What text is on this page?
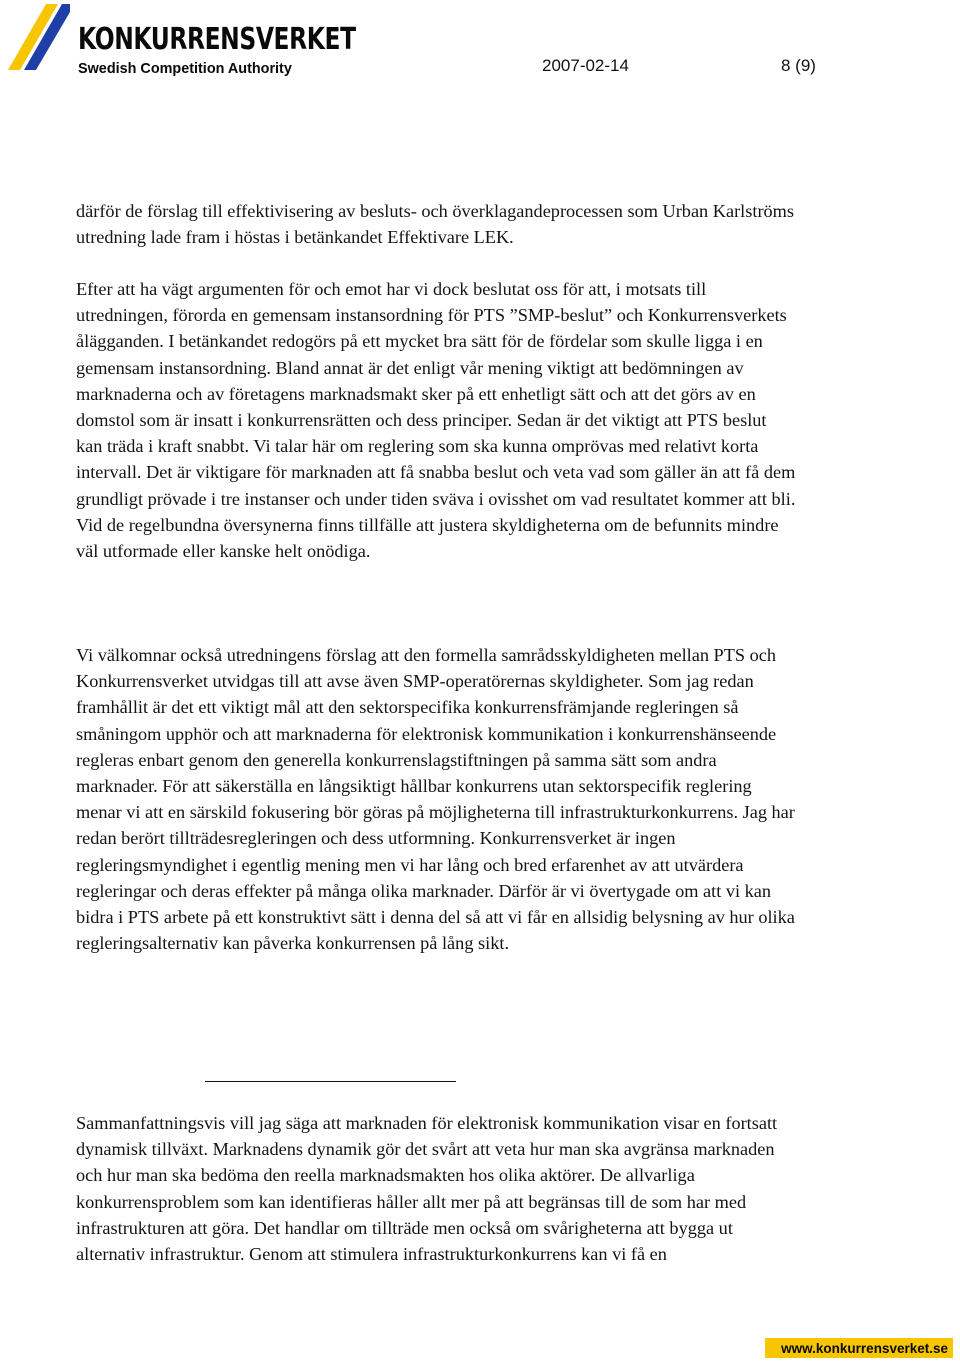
KONKURRENSVERKET
Swedish Competition Authority	2007-02-14	8 (9)

därför de förslag till effektivisering av besluts- och överklagandeprocessen som Urban Karlströms utredning lade fram i höstas i betänkandet Effektivare LEK.

Efter att ha vägt argumenten för och emot har vi dock beslutat oss för att, i motsats till utredningen, förorda en gemensam instansordning för PTS ”SMP-beslut” och Konkurrensverkets ålägganden. I betänkandet redogörs på ett mycket bra sätt för de fördelar som skulle ligga i en gemensam instansordning. Bland annat är det enligt vår mening viktigt att bedömningen av marknaderna och av företagens marknadsmakt sker på ett enhetligt sätt och att det görs av en domstol som är insatt i konkurrensrätten och dess principer. Sedan är det viktigt att PTS beslut kan träda i kraft snabbt. Vi talar här om reglering som ska kunna omprövas med relativt korta intervall. Det är viktigare för marknaden att få snabba beslut och veta vad som gäller än att få dem grundligt prövade i tre instanser och under tiden sväva i ovisshet om vad resultatet kommer att bli. Vid de regelbundna översynerna finns tillfälle att justera skyldigheterna om de befunnits mindre väl utformade eller kanske helt onödiga.

Vi välkomnar också utredningens förslag att den formella samrådsskyldigheten mellan PTS och Konkurrensverket utvidgas till att avse även SMP-operatörernas skyldigheter. Som jag redan framhållit är det ett viktigt mål att den sektorspecifika konkurrensfrämjande regleringen så småningom upphör och att marknaderna för elektronisk kommunikation i konkurrenshänseende regleras enbart genom den generella konkurrenslagstiftningen på samma sätt som andra marknader. För att säkerställa en långsiktigt hållbar konkurrens utan sektorspecifik reglering menar vi att en särskild fokusering bör göras på möjligheterna till infrastrukturkonkurrens. Jag har redan berört tillträdesregleringen och dess utformning. Konkurrensverket är ingen regleringsmyndighet i egentlig mening men vi har lång och bred erfarenhet av att utvärdera regleringar och deras effekter på många olika marknader. Därför är vi övertygade om att vi kan bidra i PTS arbete på ett konstruktivt sätt i denna del så att vi får en allsidig belysning av hur olika regleringsalternativ kan påverka konkurrensen på lång sikt.

Sammanfattningsvis vill jag säga att marknaden för elektronisk kommunikation visar en fortsatt dynamisk tillväxt. Marknadens dynamik gör det svårt att veta hur man ska avgränsa marknaden och hur man ska bedöma den reella marknadsmakten hos olika aktörer. De allvarliga konkurrensproblem som kan identifieras håller allt mer på att begränsas till de som har med infrastrukturen att göra. Det handlar om tillträde men också om svårigheterna att bygga ut alternativ infrastruktur. Genom att stimulera infrastrukturkonkurrens kan vi få en

www.konkurrensverket.se
